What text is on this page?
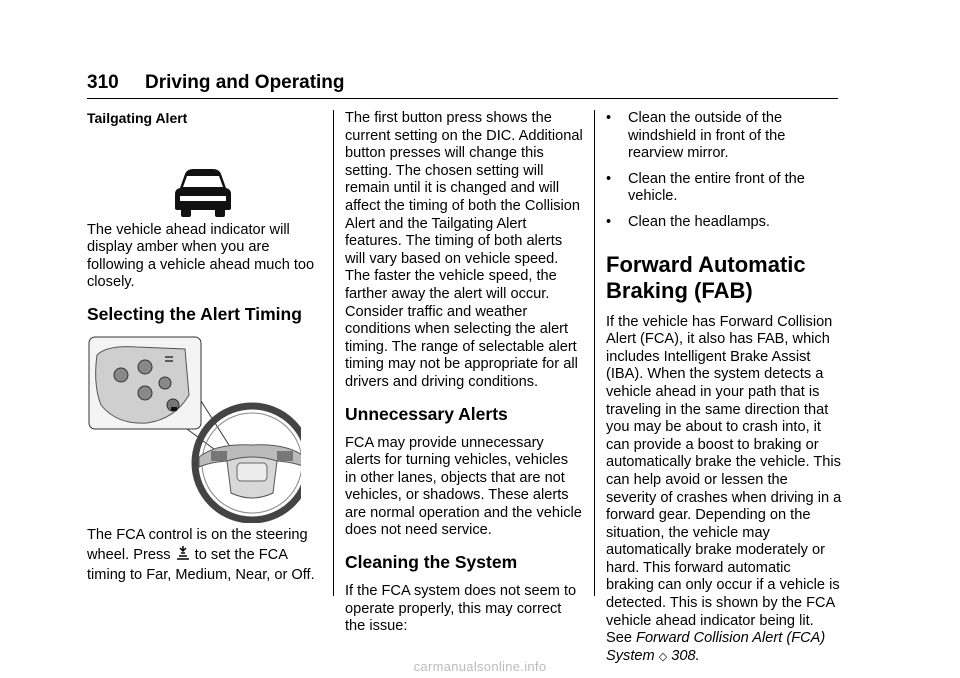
310 Driving and Operating

Tailgating Alert

The vehicle ahead indicator will display amber when you are following a vehicle ahead much too closely.

Selecting the Alert Timing

The FCA control is on the steering wheel. Press to set the FCA timing to Far, Medium, Near, or Off.

The first button press shows the current setting on the DIC. Additional button presses will change this setting. The chosen setting will remain until it is changed and will affect the timing of both the Collision Alert and the Tailgating Alert features. The timing of both alerts will vary based on vehicle speed. The faster the vehicle speed, the farther away the alert will occur. Consider traffic and weather conditions when selecting the alert timing. The range of selectable alert timing may not be appropriate for all drivers and driving conditions.

Unnecessary Alerts

FCA may provide unnecessary alerts for turning vehicles, vehicles in other lanes, objects that are not vehicles, or shadows. These alerts are normal operation and the vehicle does not need service.

Cleaning the System

If the FCA system does not seem to operate properly, this may correct the issue:

•	Clean the outside of the windshield in front of the rearview mirror.
•	Clean the entire front of the vehicle.
•	Clean the headlamps.

Forward Automatic Braking (FAB)

If the vehicle has Forward Collision Alert (FCA), it also has FAB, which includes Intelligent Brake Assist (IBA). When the system detects a vehicle ahead in your path that is traveling in the same direction that you may be about to crash into, it can provide a boost to braking or automatically brake the vehicle. This can help avoid or lessen the severity of crashes when driving in a forward gear. Depending on the situation, the vehicle may automatically brake moderately or hard. This forward automatic braking can only occur if a vehicle is detected. This is shown by the FCA vehicle ahead indicator being lit.

See Forward Collision Alert (FCA) System ◇ 308.

carmanualsonline.info
